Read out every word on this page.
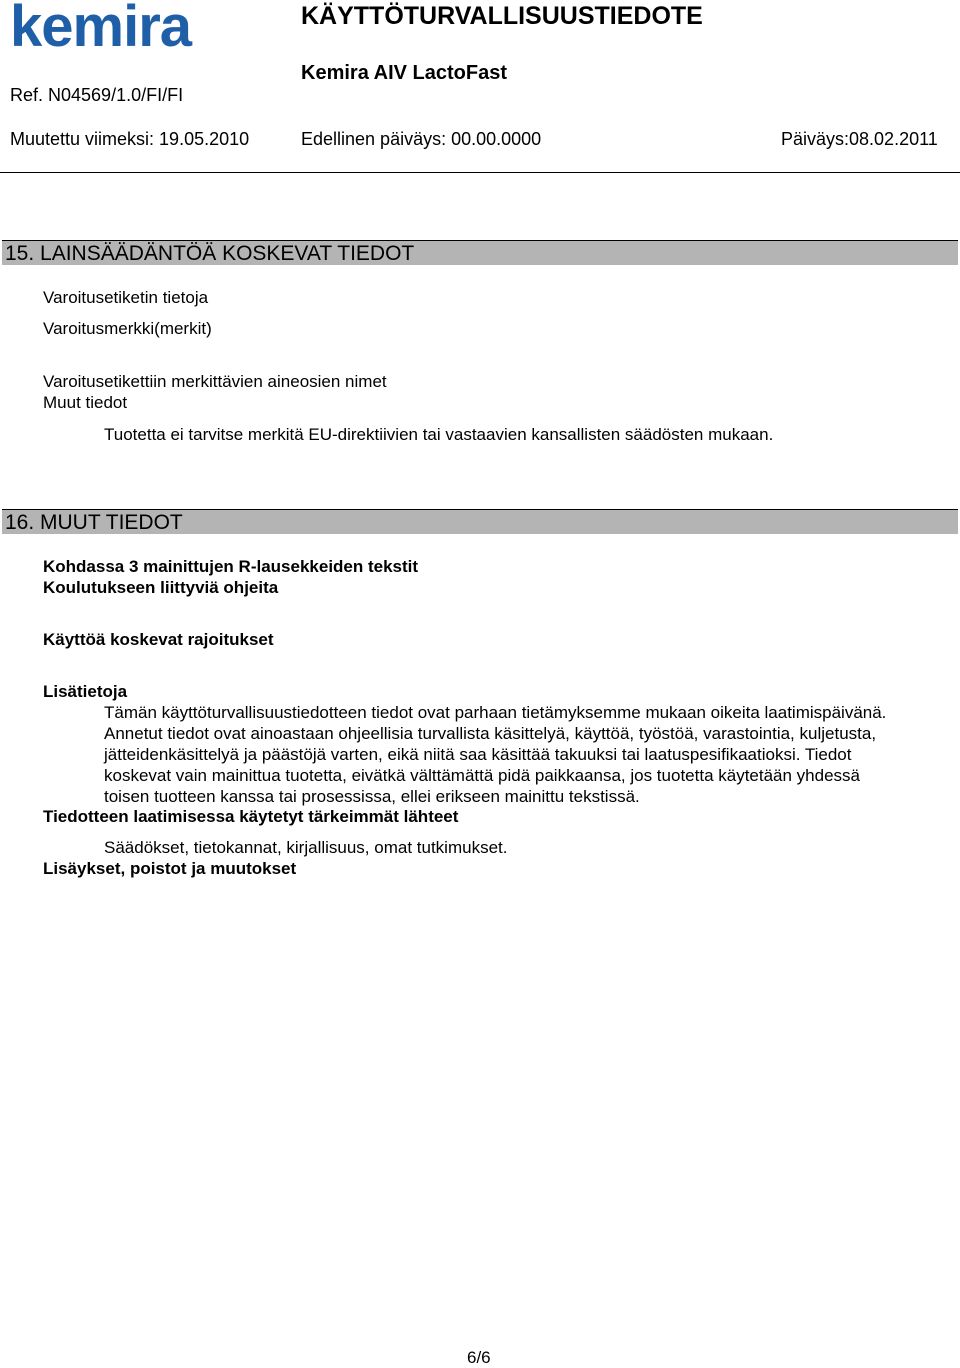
kemira	KÄYTTÖTURVALLISUUSTIEDOTE
Kemira AIV LactoFast
Ref. N04569/1.0/FI/FI
Muutettu viimeksi: 19.05.2010	Edellinen päiväys: 00.00.0000	Päiväys:08.02.2011
15. LAINSÄÄDÄNTÖÄ KOSKEVAT TIEDOT
Varoitusetiketin tietoja
Varoitusmerkki(merkit)
Varoitusetikettiin merkittävien aineosien nimet
Muut tiedot
Tuotetta ei tarvitse merkitä EU-direktiivien tai vastaavien kansallisten säädösten mukaan.
16. MUUT TIEDOT
Kohdassa 3 mainittujen R-lausekkeiden tekstit
Koulutukseen liittyviä ohjeita
Käyttöä koskevat rajoitukset
Lisätietoja
Tämän käyttöturvallisuustiedotteen tiedot ovat parhaan tietämyksemme mukaan oikeita laatimispäivänä.
Annetut tiedot ovat ainoastaan ohjeellisia turvallista käsittelyä, käyttöä, työstöä, varastointia, kuljetusta,
jätteidenkäsittelyä ja päästöjä varten, eikä niitä saa käsittää takuuksi tai laatuspesifikaatioksi. Tiedot
koskevat vain mainittua tuotetta, eivätkä välttämättä pidä paikkaansa, jos tuotetta käytetään yhdessä
toisen tuotteen kanssa tai prosessissa, ellei erikseen mainittu tekstissä.
Tiedotteen laatimisessa käytetyt tärkeimmät lähteet
Säädökset, tietokannat, kirjallisuus, omat tutkimukset.
Lisäykset, poistot ja muutokset
6/6
